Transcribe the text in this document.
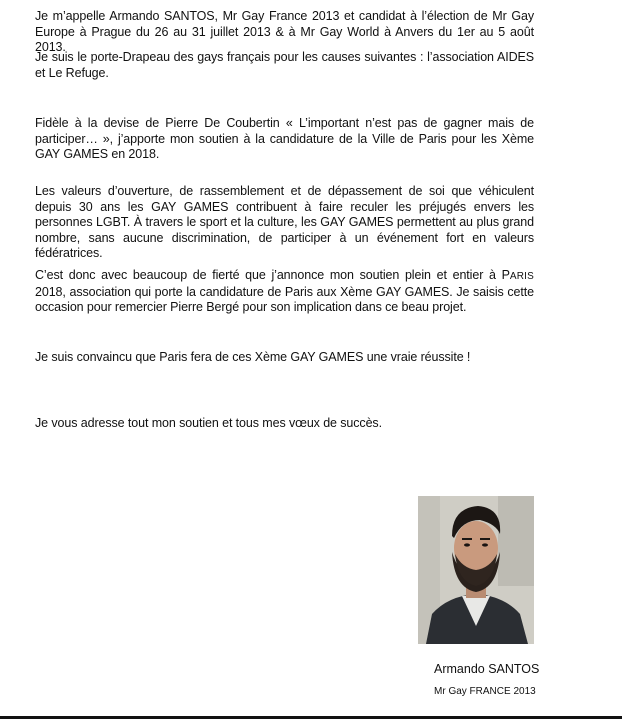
Je m’appelle Armando SANTOS, Mr Gay France 2013 et candidat à l’élection de Mr Gay Europe à Prague du 26 au 31 juillet 2013 & à Mr Gay World à Anvers du 1er au 5 août 2013.

Je suis le porte-Drapeau des gays français pour les causes suivantes : l’association AIDES et Le Refuge.

Fidèle à la devise de Pierre De Coubertin « L’important n’est pas de gagner mais de participer… », j’apporte mon soutien à la candidature de la Ville de Paris pour les Xème GAY GAMES en 2018.

Les valeurs d’ouverture, de rassemblement et de dépassement de soi que véhiculent depuis 30 ans les GAY GAMES contribuent à faire reculer les préjugés envers les personnes LGBT. À travers le sport et la culture, les GAY GAMES permettent au plus grand nombre, sans aucune discrimination, de participer à un événement fort en valeurs fédératrices.

C’est donc avec beaucoup de fierté que j’annonce mon soutien plein et entier à PARIS 2018, association qui porte la candidature de Paris aux Xème GAY GAMES. Je saisis cette occasion pour remercier Pierre Bergé pour son implication dans ce beau projet.

Je suis convaincu que Paris fera de ces Xème GAY GAMES une vraie réussite !

Je vous adresse tout mon soutien et tous mes vœux de succès.

Armando SANTOS

Mr Gay FRANCE 2013
